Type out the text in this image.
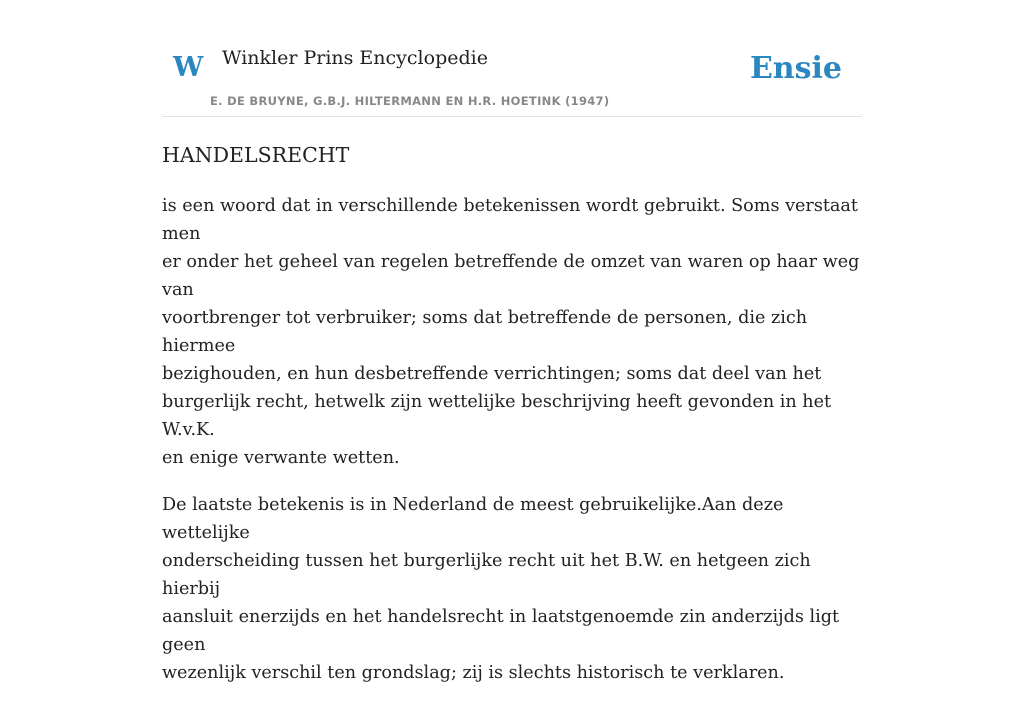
W Winkler Prins Encyclopedie
E. DE BRUYNE, G.B.J. HILTERMANN EN H.R. HOETINK (1947)
Ensie
HANDELSRECHT

is een woord dat in verschillende betekenissen wordt gebruikt. Soms verstaat men
er onder het geheel van regelen betreffende de omzet van waren op haar weg van
voortbrenger tot verbruiker; soms dat betreffende de personen, die zich hiermee
bezighouden, en hun desbetreffende verrichtingen; soms dat deel van het
burgerlijk recht, hetwelk zijn wettelijke beschrijving heeft gevonden in het W.v.K.
en enige verwante wetten.

De laatste betekenis is in Nederland de meest gebruikelijke.Aan deze wettelijke
onderscheiding tussen het burgerlijke recht uit het B.W. en hetgeen zich hierbij
aansluit enerzijds en het handelsrecht in laatstgenoemde zin anderzijds ligt geen
wezenlijk verschil ten grondslag; zij is slechts historisch te verklaren.
